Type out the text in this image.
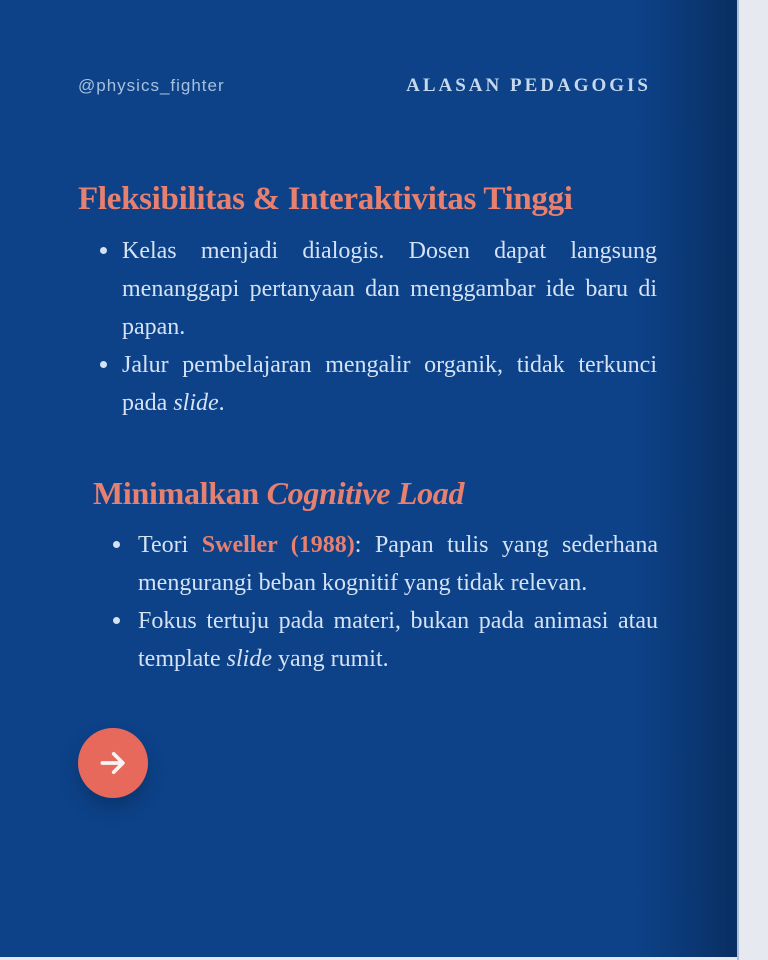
@physics_fighter	ALASAN PEDAGOGIS
Fleksibilitas & Interaktivitas Tinggi
Kelas menjadi dialogis. Dosen dapat langsung menanggapi pertanyaan dan menggambar ide baru di papan.
Jalur pembelajaran mengalir organik, tidak terkunci pada slide.
Minimalkan Cognitive Load
Teori Sweller (1988): Papan tulis yang sederhana mengurangi beban kognitif yang tidak relevan.
Fokus tertuju pada materi, bukan pada animasi atau template slide yang rumit.
